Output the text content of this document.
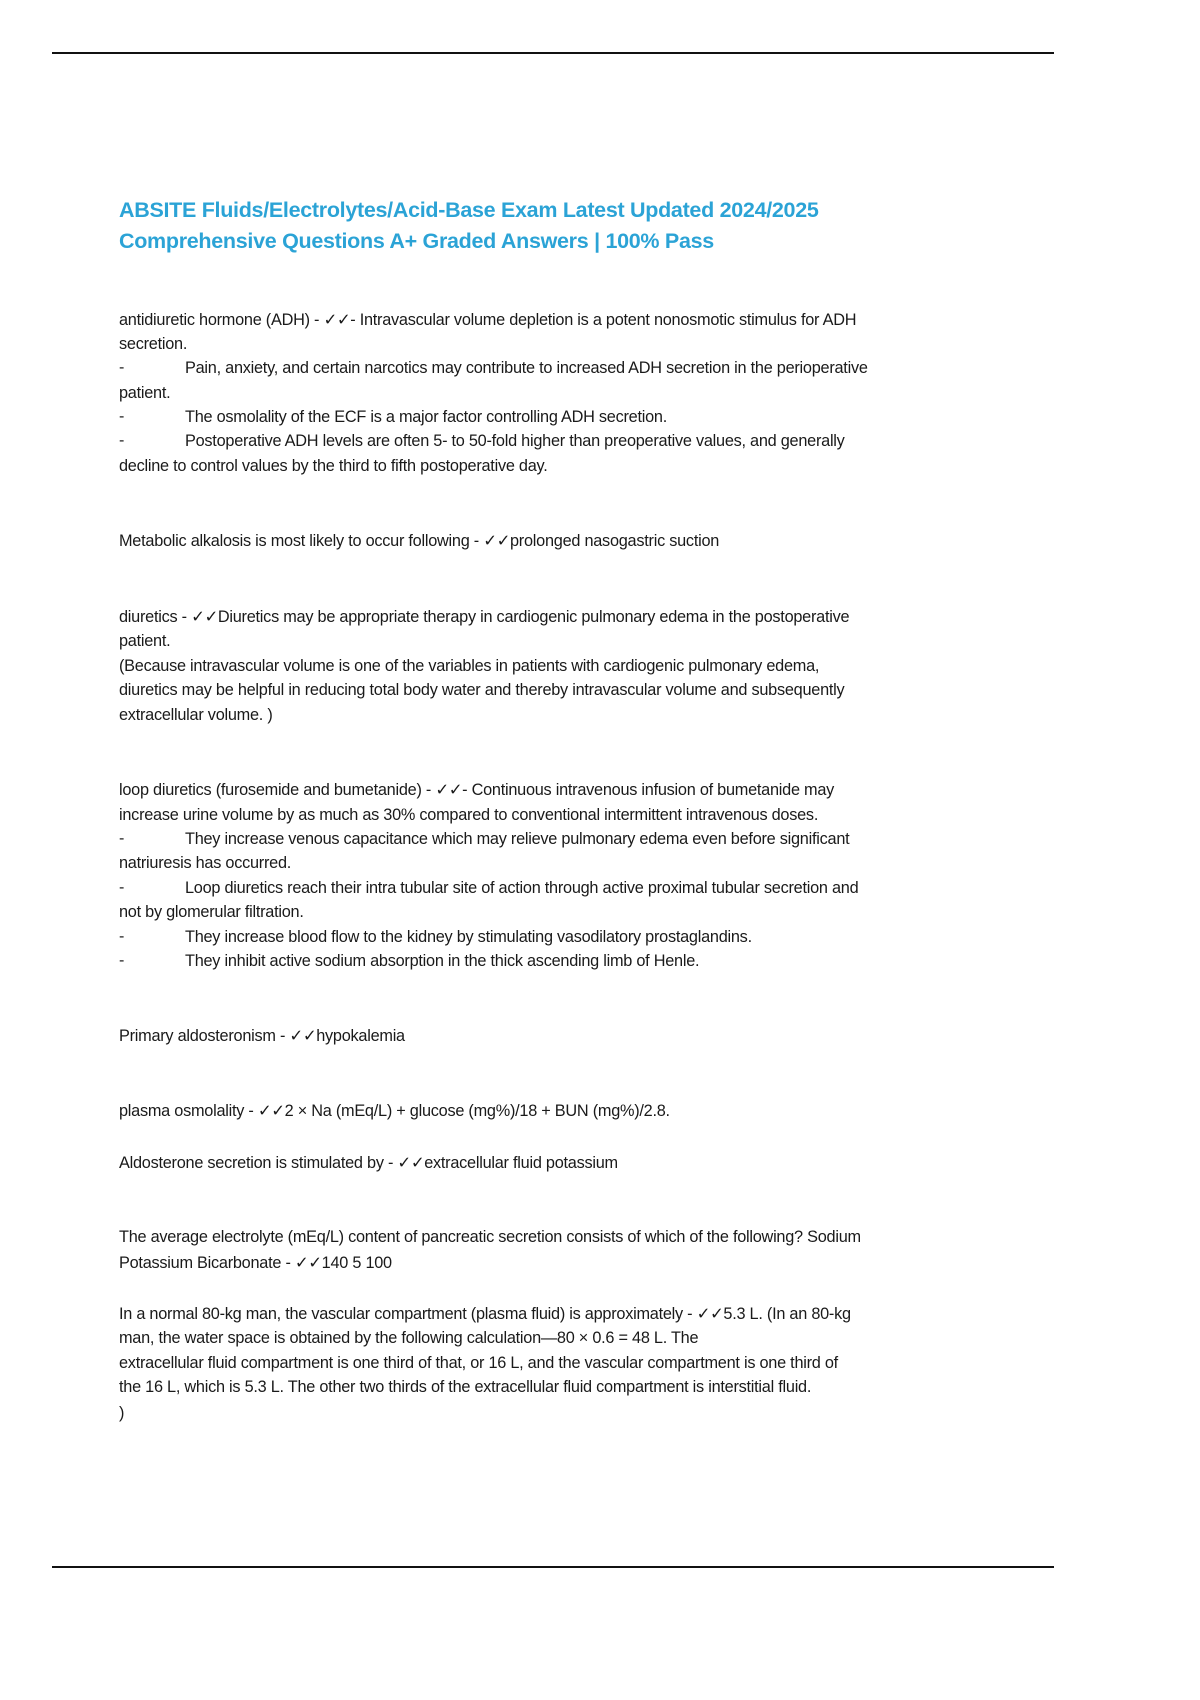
ABSITE Fluids/Electrolytes/Acid-Base Exam Latest Updated 2024/2025
Comprehensive Questions A+ Graded Answers | 100% Pass
antidiuretic hormone (ADH) - ✓✓- Intravascular volume depletion is a potent nonosmotic stimulus for ADH
secretion.
-	Pain, anxiety, and certain narcotics may contribute to increased ADH secretion in the perioperative
patient.
-	The osmolality of the ECF is a major factor controlling ADH secretion.
-	Postoperative ADH levels are often 5- to 50-fold higher than preoperative values, and generally
decline to control values by the third to fifth postoperative day.
Metabolic alkalosis is most likely to occur following - ✓✓prolonged nasogastric suction
diuretics - ✓✓Diuretics may be appropriate therapy in cardiogenic pulmonary edema in the postoperative
patient.
(Because intravascular volume is one of the variables in patients with cardiogenic pulmonary edema,
diuretics may be helpful in reducing total body water and thereby intravascular volume and subsequently
extracellular volume. )
loop diuretics (furosemide and bumetanide) - ✓✓- Continuous intravenous infusion of bumetanide may
increase urine volume by as much as 30% compared to conventional intermittent intravenous doses.
-	They increase venous capacitance which may relieve pulmonary edema even before significant
natriuresis has occurred.
-	Loop diuretics reach their intra tubular site of action through active proximal tubular secretion and
not by glomerular filtration.
-	They increase blood flow to the kidney by stimulating vasodilatory prostaglandins.
-	They inhibit active sodium absorption in the thick ascending limb of Henle.
Primary aldosteronism - ✓✓hypokalemia
plasma osmolality - ✓✓2 × Na (mEq/L) + glucose (mg%)/18 + BUN (mg%)/2.8.
Aldosterone secretion is stimulated by - ✓✓extracellular fluid potassium
The average electrolyte (mEq/L) content of pancreatic secretion consists of which of the following? Sodium
Potassium Bicarbonate - ✓✓140 5 100
In a normal 80-kg man, the vascular compartment (plasma fluid) is approximately - ✓✓5.3 L. (In an 80-kg
man, the water space is obtained by the following calculation—80 × 0.6 = 48 L. The
extracellular fluid compartment is one third of that, or 16 L, and the vascular compartment is one third of
the 16 L, which is 5.3 L. The other two thirds of the extracellular fluid compartment is interstitial fluid.
)
